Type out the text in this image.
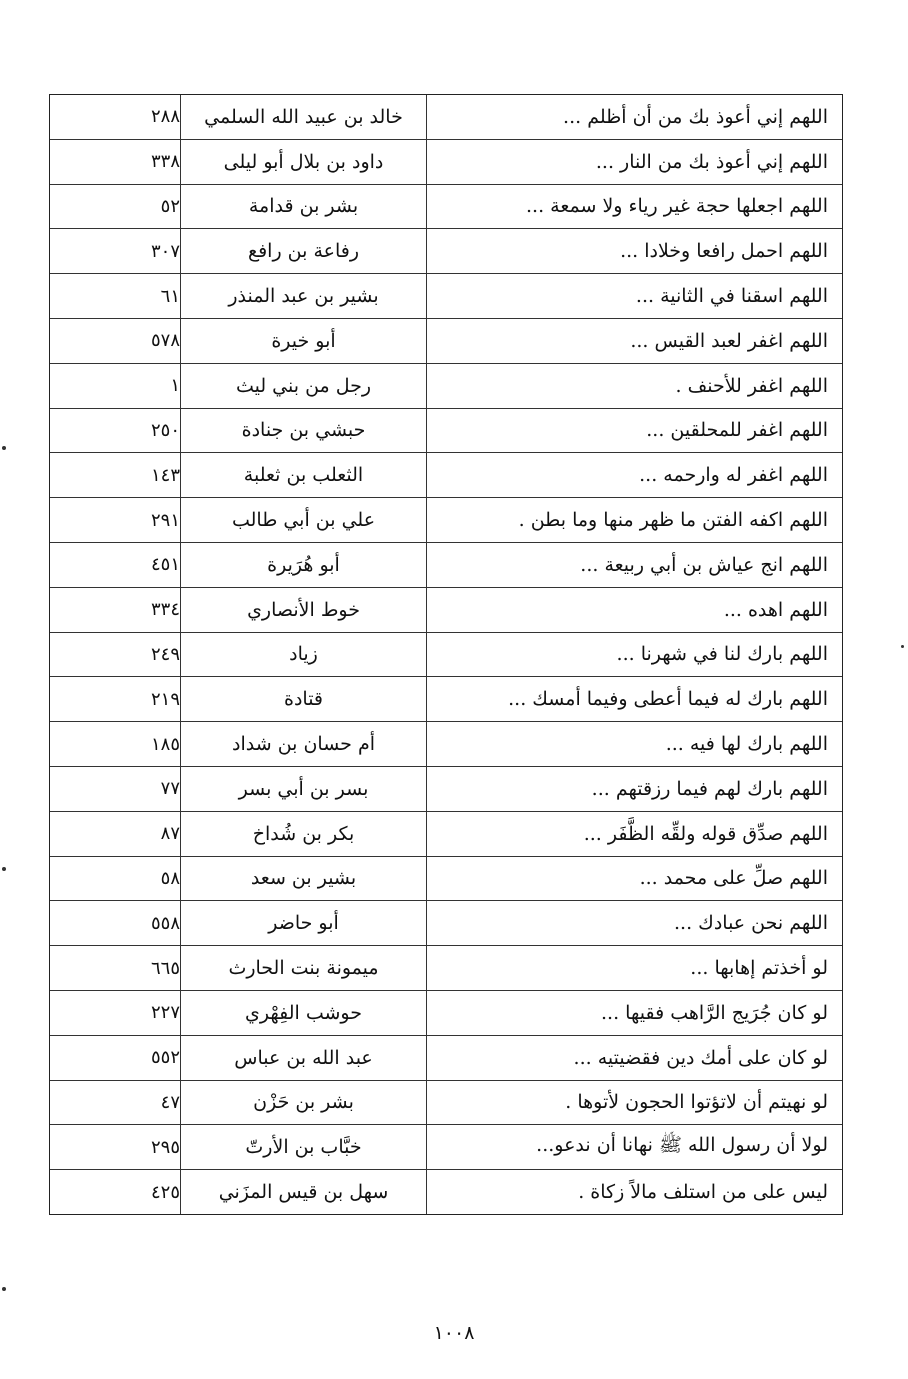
اللهم إني أعوذ بك من أن أظلم ...
خالد بن عبيد الله السلمي
٢٨٨
اللهم إني أعوذ بك من النار ...
داود بن بلال أبو ليلى
٣٣٨
اللهم اجعلها حجة غير رياء ولا سمعة ...
بشر بن قدامة
٥٢
اللهم احمل رافعا وخلادا ...
رفاعة بن رافع
٣٠٧
اللهم اسقنا في الثانية ...
بشير بن عبد المنذر
٦١
اللهم اغفر لعبد القيس ...
أبو خيرة
٥٧٨
اللهم اغفر للأحنف .
رجل من بني ليث
١
اللهم اغفر للمحلقين ...
حبشي بن جنادة
٢٥٠
اللهم اغفر له وارحمه ...
الثعلب بن ثعلبة
١٤٣
اللهم اكفه الفتن ما ظهر منها وما بطن .
علي بن أبي طالب
٢٩١
اللهم انج عياش بن أبي ربيعة ...
أبو هُرَيرة
٤٥١
اللهم اهده ...
خوط الأنصاري
٣٣٤
اللهم بارك لنا في شهرنا ...
زياد
٢٤٩
اللهم بارك له فيما أعطى وفيما أمسك ...
قتادة
٢١٩
اللهم بارك لها فيه ...
أم حسان بن شداد
١٨٥
اللهم بارك لهم فيما رزقتهم ...
بسر بن أبي بسر
٧٧
اللهم صدِّق قوله ولقِّه الظَّفَر ...
بكر بن شُداخ
٨٧
اللهم صلِّ على محمد ...
بشير بن سعد
٥٨
اللهم نحن عبادك ...
أبو حاضر
٥٥٨
لو أخذتم إهابها ...
ميمونة بنت الحارث
٦٦٥
لو كان جُرَيج الرَّاهب فقيها ...
حوشب الفِهْري
٢٢٧
لو كان على أمك دين فقضيتيه ...
عبد الله بن عباس
٥٥٢
لو نهيتم أن لاتؤتوا الحجون لأتوها .
بشر بن حَزْن
٤٧
لولا أن رسول الله ﷺ نهانا أن ندعو...
خبَّاب بن الأرتّ
٢٩٥
ليس على من استلف مالاً زكاة .
سهل بن قيس المزَني
٤٢٥
١٠٠٨
